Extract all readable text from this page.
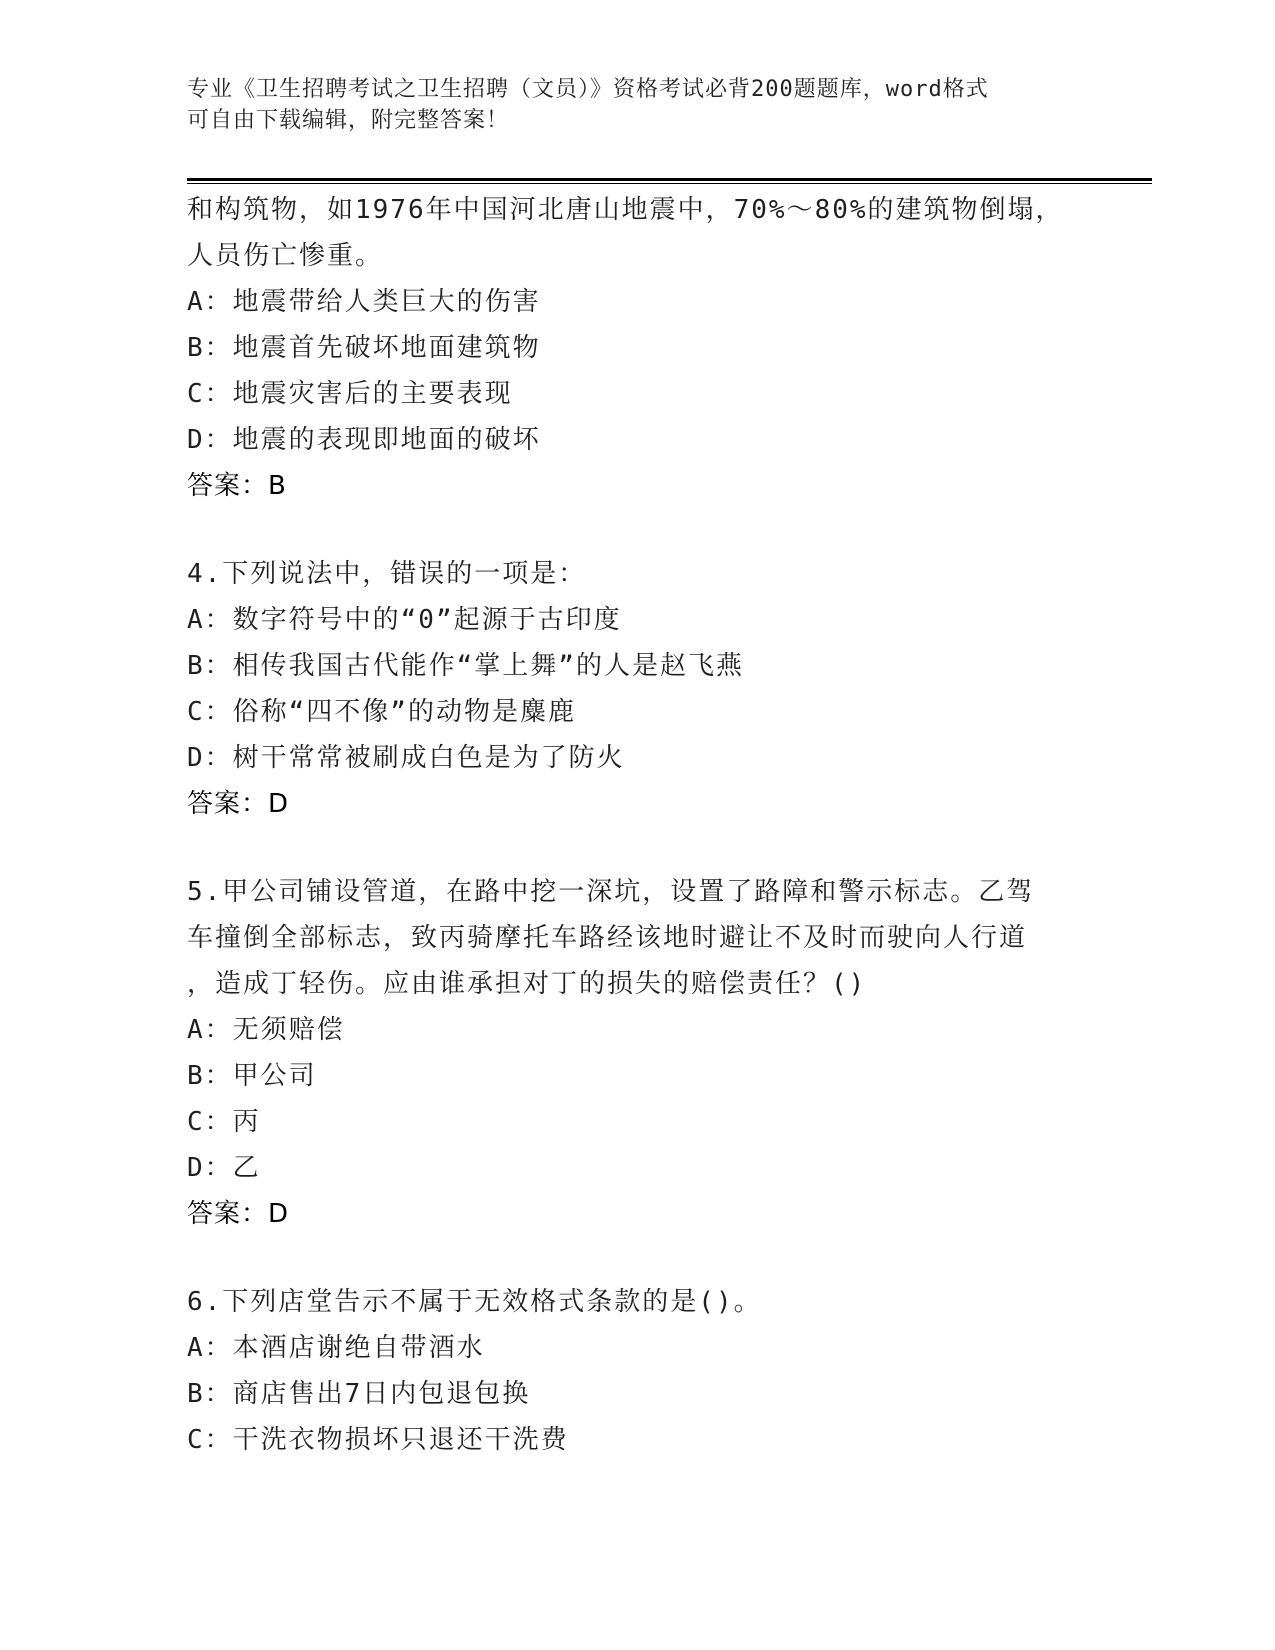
专业《卫生招聘考试之卫生招聘（文员）》资格考试必背200题题库，word格式
可自由下载编辑，附完整答案！
和构筑物，如1976年中国河北唐山地震中，70%～80%的建筑物倒塌，
人员伤亡惨重。
A：地震带给人类巨大的伤害
B：地震首先破坏地面建筑物
C：地震灾害后的主要表现
D：地震的表现即地面的破坏
答案：B
4.下列说法中，错误的一项是：
A：数字符号中的“0”起源于古印度
B：相传我国古代能作“掌上舞”的人是赵飞燕
C：俗称“四不像”的动物是麋鹿
D：树干常常被刷成白色是为了防火
答案：D
5.甲公司铺设管道，在路中挖一深坑，设置了路障和警示标志。乙驾
车撞倒全部标志，致丙骑摩托车路经该地时避让不及时而驶向人行道
，造成丁轻伤。应由谁承担对丁的损失的赔偿责任？()
A：无须赔偿
B：甲公司
C：丙
D：乙
答案：D
6.下列店堂告示不属于无效格式条款的是()。
A：本酒店谢绝自带酒水
B：商店售出7日内包退包换
C：干洗衣物损坏只退还干洗费
